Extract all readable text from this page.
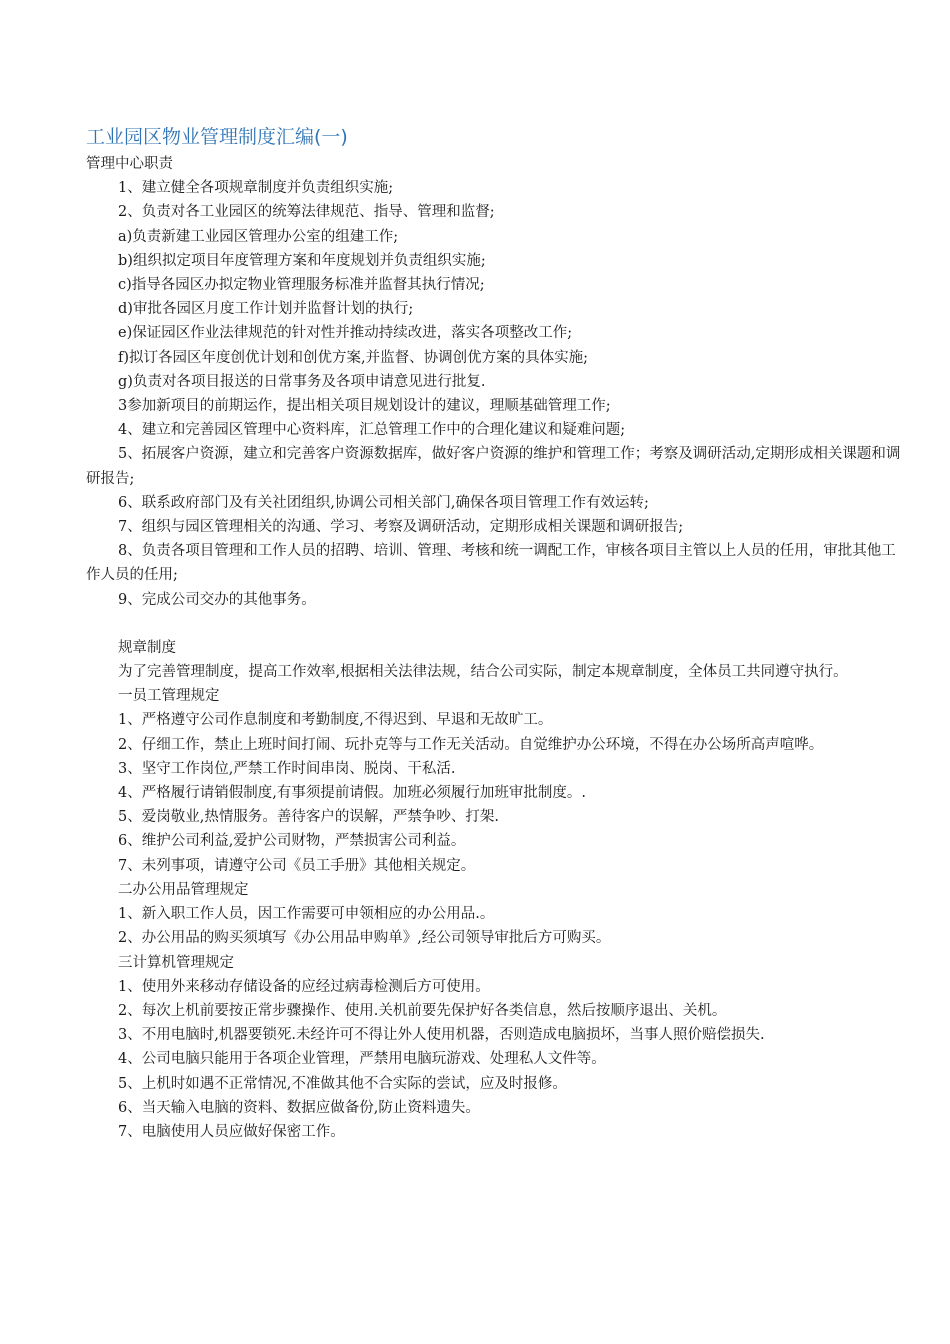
工业园区物业管理制度汇编(一)

管理中心职责

1、建立健全各项规章制度并负责组织实施;

2、负责对各工业园区的统筹法律规范、指导、管理和监督;

a)负责新建工业园区管理办公室的组建工作;

b)组织拟定项目年度管理方案和年度规划并负责组织实施;

c)指导各园区办拟定物业管理服务标准并监督其执行情况;

d)审批各园区月度工作计划并监督计划的执行;

e)保证园区作业法律规范的针对性并推动持续改进，落实各项整改工作;

f)拟订各园区年度创优计划和创优方案,并监督、协调创优方案的具体实施;

g)负责对各项目报送的日常事务及各项申请意见进行批复.

3参加新项目的前期运作，提出相关项目规划设计的建议，理顺基础管理工作;

4、建立和完善园区管理中心资料库，汇总管理工作中的合理化建议和疑难问题;

5、拓展客户资源，建立和完善客户资源数据库，做好客户资源的维护和管理工作；考察及调研活动,定期形成相关课题和调研报告;

6、联系政府部门及有关社团组织,协调公司相关部门,确保各项目管理工作有效运转;

7、组织与园区管理相关的沟通、学习、考察及调研活动，定期形成相关课题和调研报告;

8、负责各项目管理和工作人员的招聘、培训、管理、考核和统一调配工作，审核各项目主管以上人员的任用，审批其他工作人员的任用;

9、完成公司交办的其他事务。

规章制度

为了完善管理制度，提高工作效率,根据相关法律法规，结合公司实际，制定本规章制度，全体员工共同遵守执行。

一员工管理规定

1、严格遵守公司作息制度和考勤制度,不得迟到、早退和无故旷工。

2、仔细工作，禁止上班时间打闹、玩扑克等与工作无关活动。自觉维护办公环境，不得在办公场所高声喧哗。

3、坚守工作岗位,严禁工作时间串岗、脱岗、干私活.

4、严格履行请销假制度,有事须提前请假。加班必须履行加班审批制度。.

5、爱岗敬业,热情服务。善待客户的误解，严禁争吵、打架.

6、维护公司利益,爱护公司财物，严禁损害公司利益。

7、未列事项，请遵守公司《员工手册》其他相关规定。

二办公用品管理规定

1、新入职工作人员，因工作需要可申领相应的办公用品.。

2、办公用品的购买须填写《办公用品申购单》,经公司领导审批后方可购买。

三计算机管理规定

1、使用外来移动存储设备的应经过病毒检测后方可使用。

2、每次上机前要按正常步骤操作、使用.关机前要先保护好各类信息，然后按顺序退出、关机。

3、不用电脑时,机器要锁死.未经许可不得让外人使用机器，否则造成电脑损坏，当事人照价赔偿损失.

4、公司电脑只能用于各项企业管理，严禁用电脑玩游戏、处理私人文件等。

5、上机时如遇不正常情况,不准做其他不合实际的尝试，应及时报修。

6、当天输入电脑的资料、数据应做备份,防止资料遗失。

7、电脑使用人员应做好保密工作。
